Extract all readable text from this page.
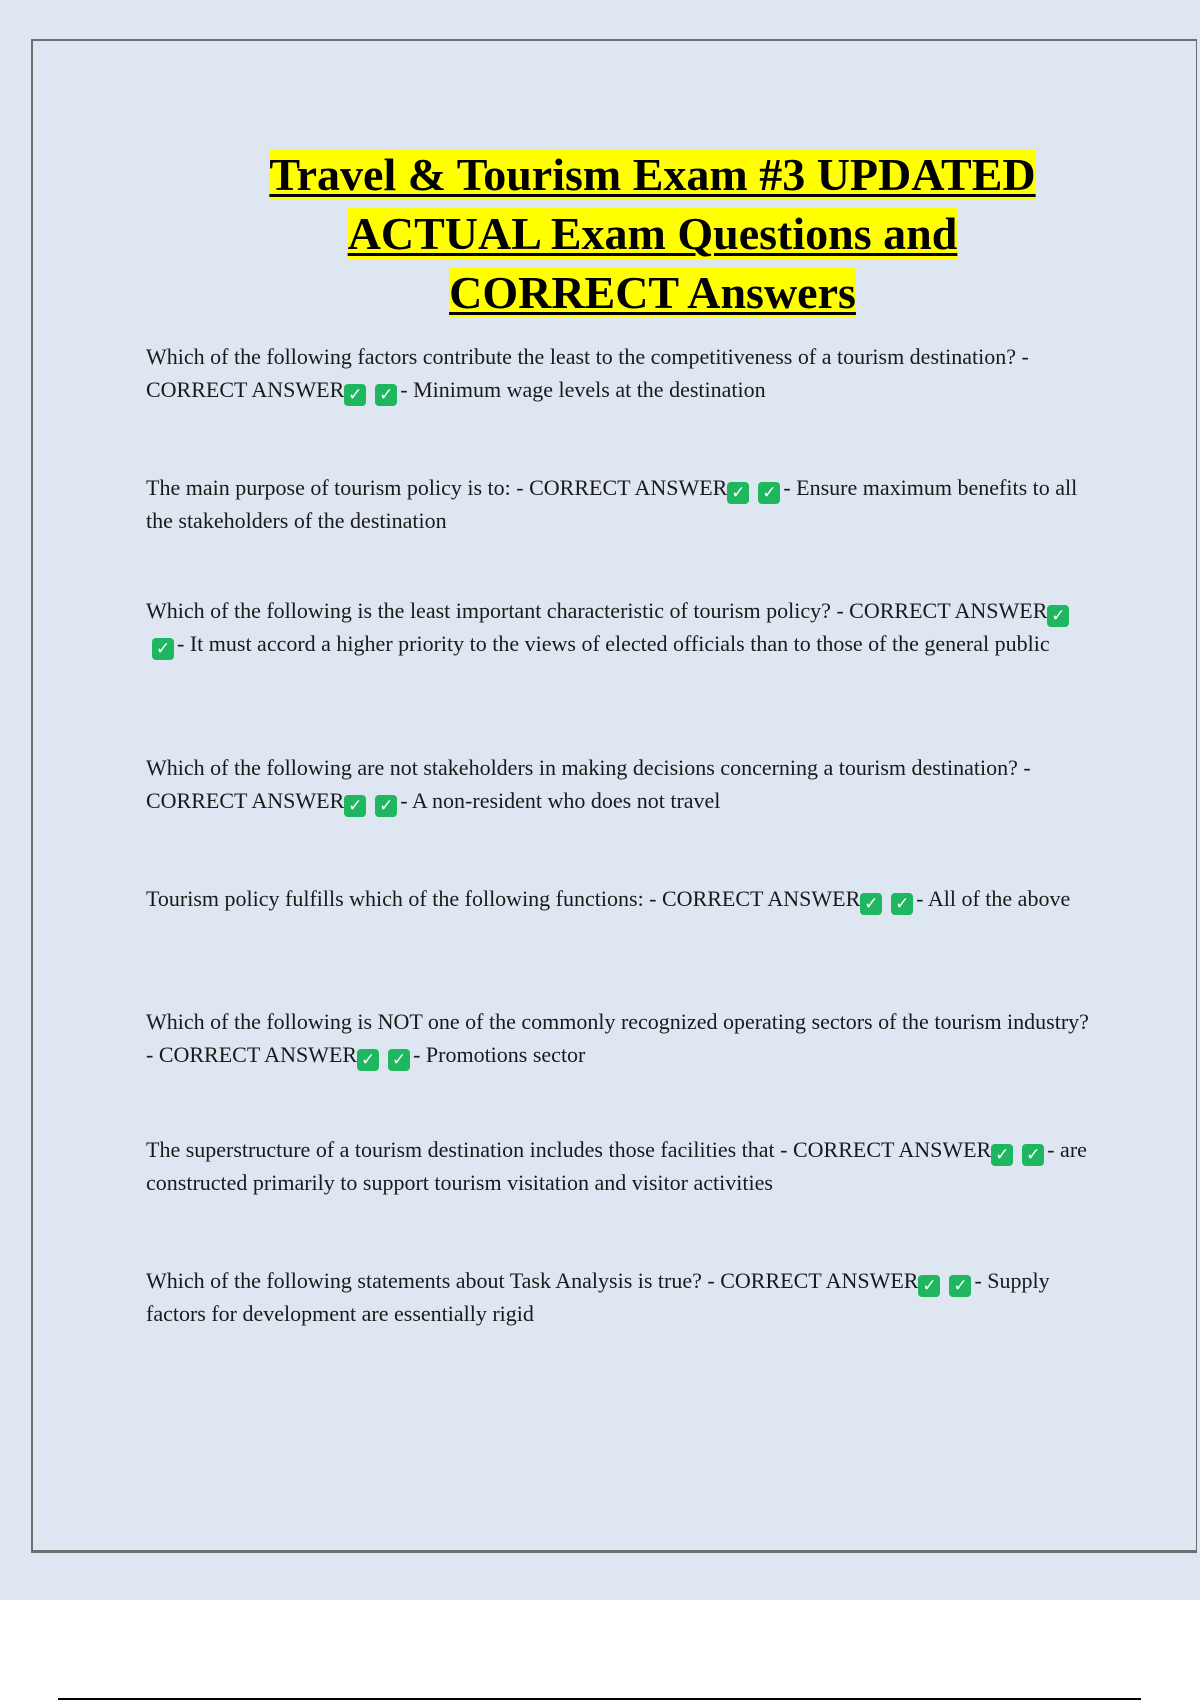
Travel & Tourism Exam #3 UPDATED
ACTUAL Exam Questions and
CORRECT Answers

Which of the following factors contribute the least to the competitiveness of a tourism destination? - CORRECT ANSWER ✓ ✓ - Minimum wage levels at the destination

The main purpose of tourism policy is to: - CORRECT ANSWER ✓ ✓ - Ensure maximum benefits to all the stakeholders of the destination

Which of the following is the least important characteristic of tourism policy? - CORRECT ANSWER ✓✓ - It must accord a higher priority to the views of elected officials than to those of the general public

Which of the following are not stakeholders in making decisions concerning a tourism destination? - CORRECT ANSWER ✓ ✓ - A non-resident who does not travel

Tourism policy fulfills which of the following functions: - CORRECT ANSWER ✓ ✓ - All of the above

Which of the following is NOT one of the commonly recognized operating sectors of the tourism industry? - CORRECT ANSWER ✓ ✓ - Promotions sector

The superstructure of a tourism destination includes those facilities that - CORRECT ANSWER ✓ ✓ - are constructed primarily to support tourism visitation and visitor activities

Which of the following statements about Task Analysis is true? - CORRECT ANSWER ✓ ✓ - Supply factors for development are essentially rigid
